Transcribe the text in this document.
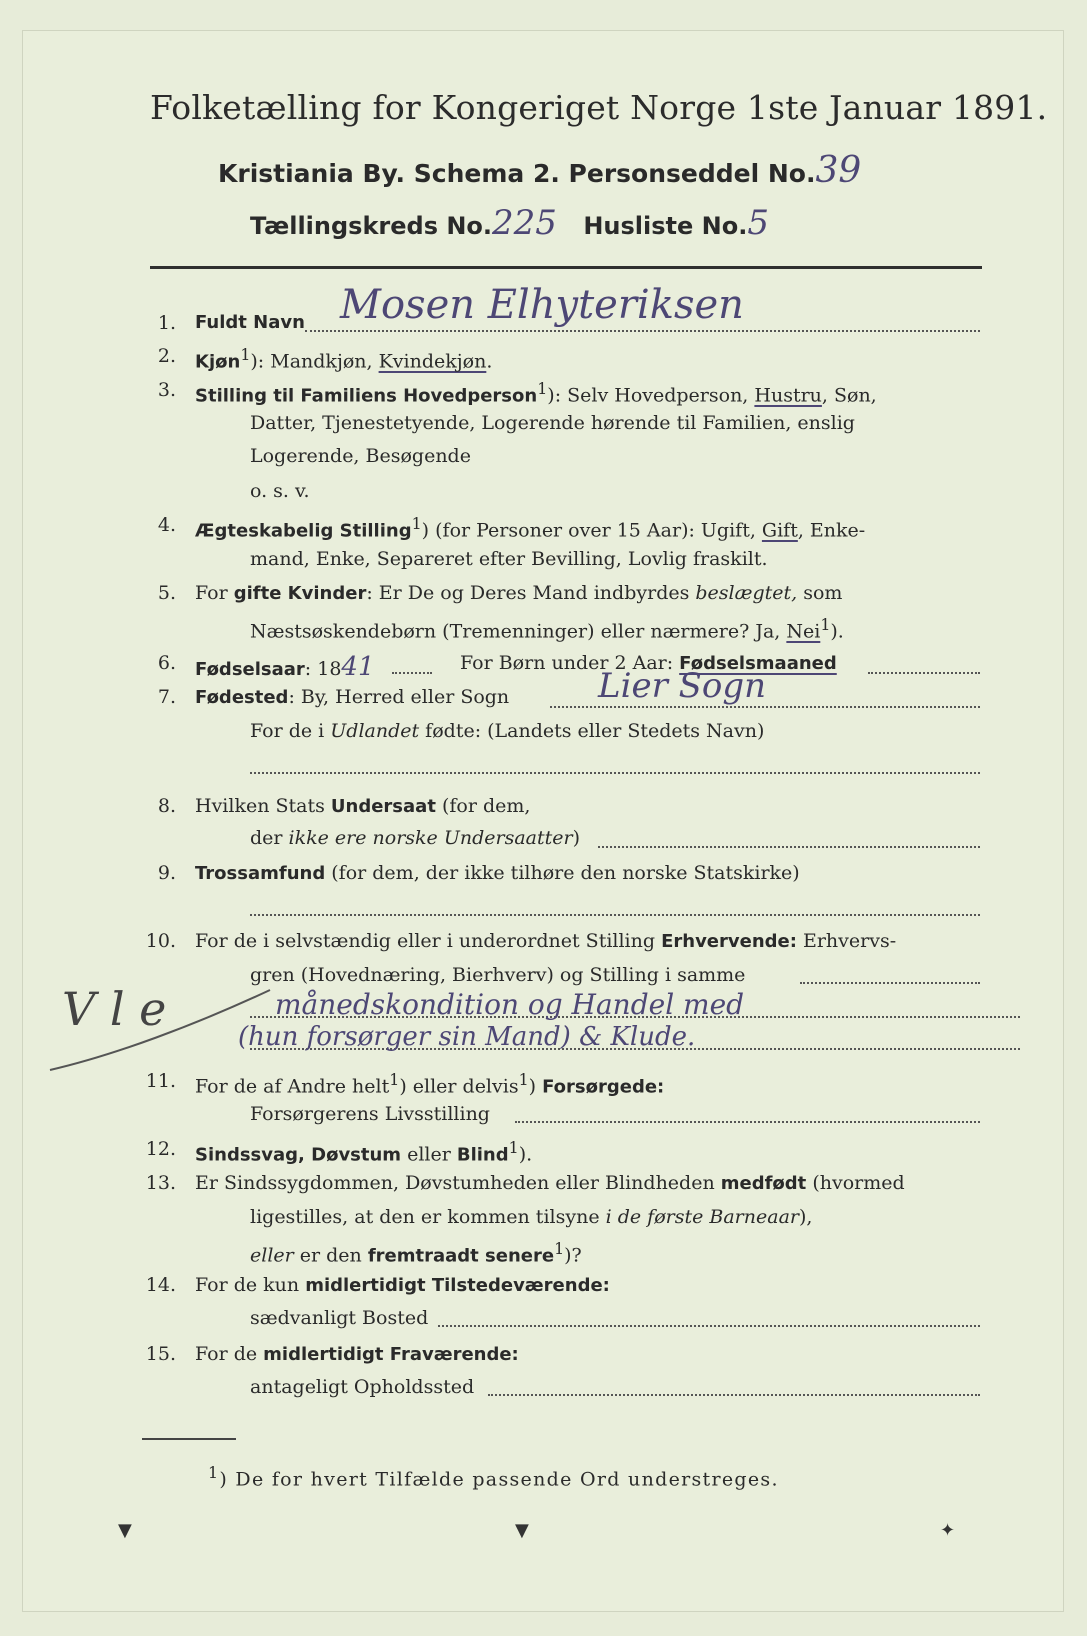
Folketælling for Kongeriget Norge 1ste Januar 1891.
Kristiania By. Schema 2. Personseddel No.39
Tællingskreds No.225 Husliste No.5
1. Fuldt Navn Mosen Elhyteriksen
2. Kjøn$^1$): Mandkjøn, Kvindekjøn.
3. Stilling til Familiens Hovedperson$^1$): Selv Hovedperson, Hustru, Søn,
Datter, Tjenestetyende, Logerende hørende til Familien, enslig
Logerende, Besøgende
o. s. v.
4. Ægteskabelig Stilling$^1$) (for Personer over 15 Aar): Ugift, Gift, Enke-
mand, Enke, Separeret efter Bevilling, Lovlig fraskilt.
5. For gifte Kvinder: Er De og Deres Mand indbyrdes beslægtet, som
Næstsøskendebørn (Tremenninger) eller nærmere? Ja, Nei$^1$).
6. Fødselsaar: 1841	For Børn under 2 Aar: Fødselsmaaned
7. Fødested: By, Herred eller Sogn	Lier Sogn
For de i Udlandet fødte: (Landets eller Stedets Navn)
8. Hvilken Stats Undersaat (for dem,
der ikke ere norske Undersaatter)
9. Trossamfund (for dem, der ikke tilhøre den norske Statskirke)
10. For de i selvstændig eller i underordnet Stilling Erhvervende: Erhvervs-
gren (Hovednæring, Bierhverv) og Stilling i samme
månedskondition og Handel med
(hun forsørger sin Mand) & Klude.
V l e
11. For de af Andre helt$^1$) eller delvis$^1$) Forsørgede:
Forsørgerens Livsstilling
12. Sindssvag, Døvstum eller Blind$^1$).
13. Er Sindssygdommen, Døvstumheden eller Blindheden medfødt (hvormed
ligestilles, at den er kommen tilsyne i de første Barneaar),
eller er den fremtraadt senere$^1$)?
14. For de kun midlertidigt Tilstedeværende:
sædvanligt Bosted
15. For de midlertidigt Fraværende:
antageligt Opholdssted
$^1$) De for hvert Tilfælde passende Ord understreges.
▼	▼	✦
